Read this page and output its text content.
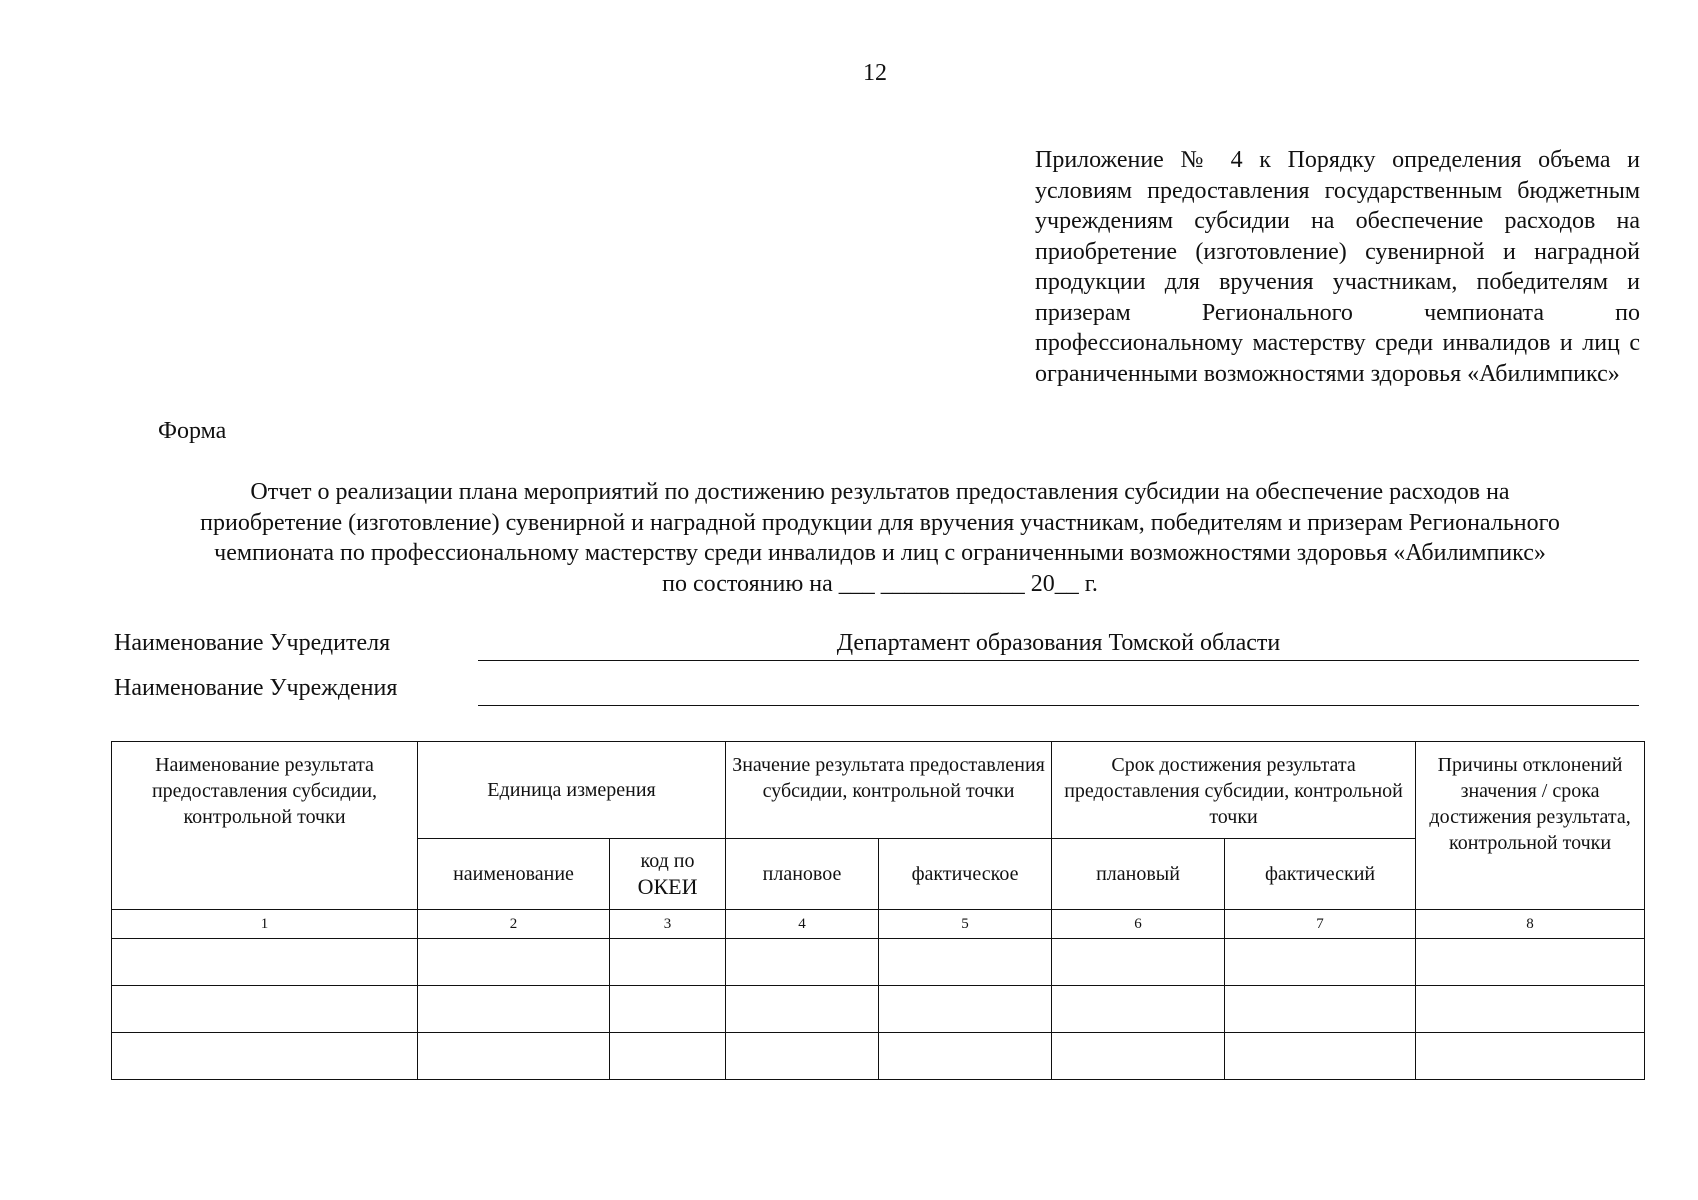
12
Приложение № 4 к Порядку определения объема и условиям предоставления государственным бюджетным учреждениям субсидии на обеспечение расходов на приобретение (изготовление) сувенирной и наградной продукции для вручения участникам, победителям и призерам Регионального чемпионата по профессиональному мастерству среди инвалидов и лиц с ограниченными возможностями здоровья «Абилимпикс»
Форма
Отчет о реализации плана мероприятий по достижению результатов предоставления субсидии на обеспечение расходов на
приобретение (изготовление) сувенирной и наградной продукции для вручения участникам, победителям и призерам Регионального
чемпионата по профессиональному мастерству среди инвалидов и лиц с ограниченными возможностями здоровья «Абилимпикс»
по состоянию на ___ ____________ 20__ г.
Наименование Учредителя	Департамент образования Томской области
Наименование Учреждения
Наименование результата предоставления субсидии, контрольной точки	Единица измерения		Значение результата предоставления субсидии, контрольной точки		Срок достижения результата предоставления субсидии, контрольной точки		Причины отклонений значения / срока достижения результата, контрольной точки
	наименование	код по
ОКЕИ	плановое	фактическое	плановый	фактический	
1	2	3	4	5	6	7	8
